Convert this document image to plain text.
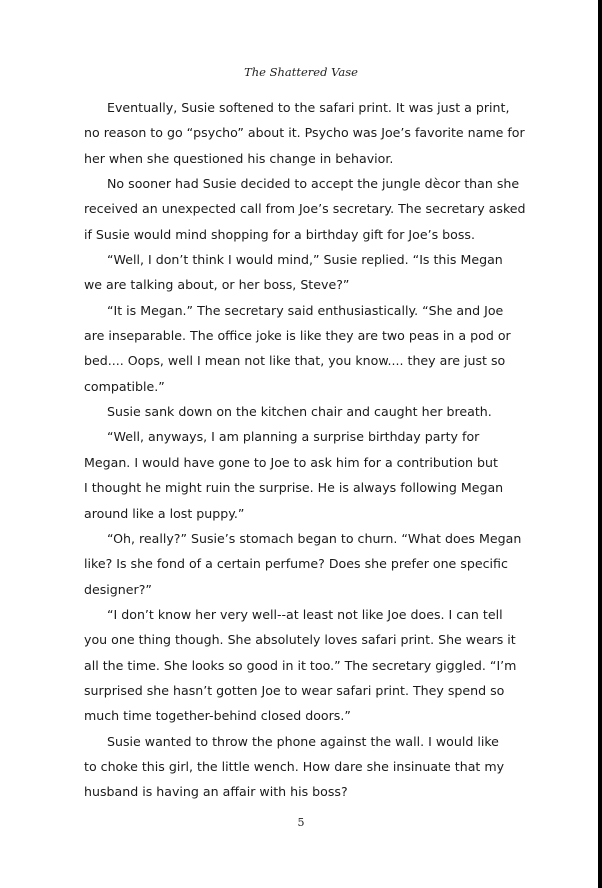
The Shattered Vase
Eventually, Susie softened to the safari print. It was just a print,
no reason to go “psycho” about it. Psycho was Joe’s favorite name for
her when she questioned his change in behavior.
No sooner had Susie decided to accept the jungle dècor than she
received an unexpected call from Joe’s secretary. The secretary asked
if Susie would mind shopping for a birthday gift for Joe’s boss.
“Well, I don’t think I would mind,” Susie replied. “Is this Megan
we are talking about, or her boss, Steve?”
“It is Megan.” The secretary said enthusiastically. “She and Joe
are inseparable. The office joke is like they are two peas in a pod or
bed.... Oops, well I mean not like that, you know.... they are just so
compatible.”
Susie sank down on the kitchen chair and caught her breath.
“Well, anyways, I am planning a surprise birthday party for
Megan. I would have gone to Joe to ask him for a contribution but
I thought he might ruin the surprise. He is always following Megan
around like a lost puppy.”
“Oh, really?” Susie’s stomach began to churn. “What does Megan
like? Is she fond of a certain perfume? Does she prefer one specific
designer?”
“I don’t know her very well--at least not like Joe does. I can tell
you one thing though. She absolutely loves safari print. She wears it
all the time. She looks so good in it too.” The secretary giggled. “I’m
surprised she hasn’t gotten Joe to wear safari print. They spend so
much time together-behind closed doors.”
Susie wanted to throw the phone against the wall. I would like
to choke this girl, the little wench. How dare she insinuate that my
husband is having an affair with his boss?
5
